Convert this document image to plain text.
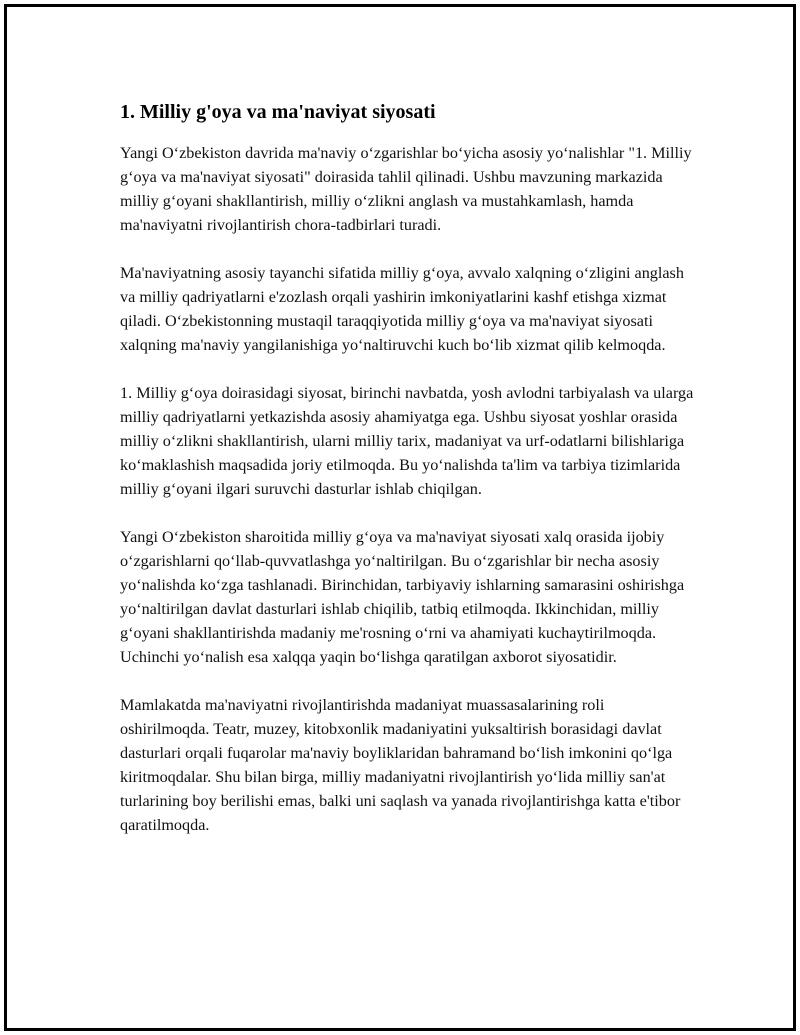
1. Milliy g'oya va ma'naviyat siyosati

Yangi Oʻzbekiston davrida ma'naviy oʻzgarishlar boʻyicha asosiy yoʻnalishlar "1. Milliy gʻoya va ma'naviyat siyosati" doirasida tahlil qilinadi. Ushbu mavzuning markazida milliy gʻoyani shakllantirish, milliy oʻzlikni anglash va mustahkamlash, hamda ma'naviyatni rivojlantirish chora-tadbirlari turadi.

Ma'naviyatning asosiy tayanchi sifatida milliy gʻoya, avvalo xalqning oʻzligini anglash va milliy qadriyatlarni e'zozlash orqali yashirin imkoniyatlarini kashf etishga xizmat qiladi. Oʻzbekistonning mustaqil taraqqiyotida milliy gʻoya va ma'naviyat siyosati xalqning ma'naviy yangilanishiga yoʻnaltiruvchi kuch boʻlib xizmat qilib kelmoqda.

1. Milliy gʻoya doirasidagi siyosat, birinchi navbatda, yosh avlodni tarbiyalash va ularga milliy qadriyatlarni yetkazishda asosiy ahamiyatga ega. Ushbu siyosat yoshlar orasida milliy oʻzlikni shakllantirish, ularni milliy tarix, madaniyat va urf-odatlarni bilishlariga koʻmaklashish maqsadida joriy etilmoqda. Bu yoʻnalishda ta'lim va tarbiya tizimlarida milliy gʻoyani ilgari suruvchi dasturlar ishlab chiqilgan.

Yangi Oʻzbekiston sharoitida milliy gʻoya va ma'naviyat siyosati xalq orasida ijobiy oʻzgarishlarni qoʻllab-quvvatlashga yoʻnaltirilgan. Bu oʻzgarishlar bir necha asosiy yoʻnalishda koʻzga tashlanadi. Birinchidan, tarbiyaviy ishlarning samarasini oshirishga yoʻnaltirilgan davlat dasturlari ishlab chiqilib, tatbiq etilmoqda. Ikkinchidan, milliy gʻoyani shakllantirishda madaniy me'rosning oʻrni va ahamiyati kuchaytirilmoqda. Uchinchi yoʻnalish esa xalqqa yaqin boʻlishga qaratilgan axborot siyosatidir.

Mamlakatda ma'naviyatni rivojlantirishda madaniyat muassasalarining roli oshirilmoqda. Teatr, muzey, kitobxonlik madaniyatini yuksaltirish borasidagi davlat dasturlari orqali fuqarolar ma'naviy boyliklaridan bahramand boʻlish imkonini qoʻlga kiritmoqdalar. Shu bilan birga, milliy madaniyatni rivojlantirish yoʻlida milliy san'at turlarining boy berilishi emas, balki uni saqlash va yanada rivojlantirishga katta e'tibor qaratilmoqda.
